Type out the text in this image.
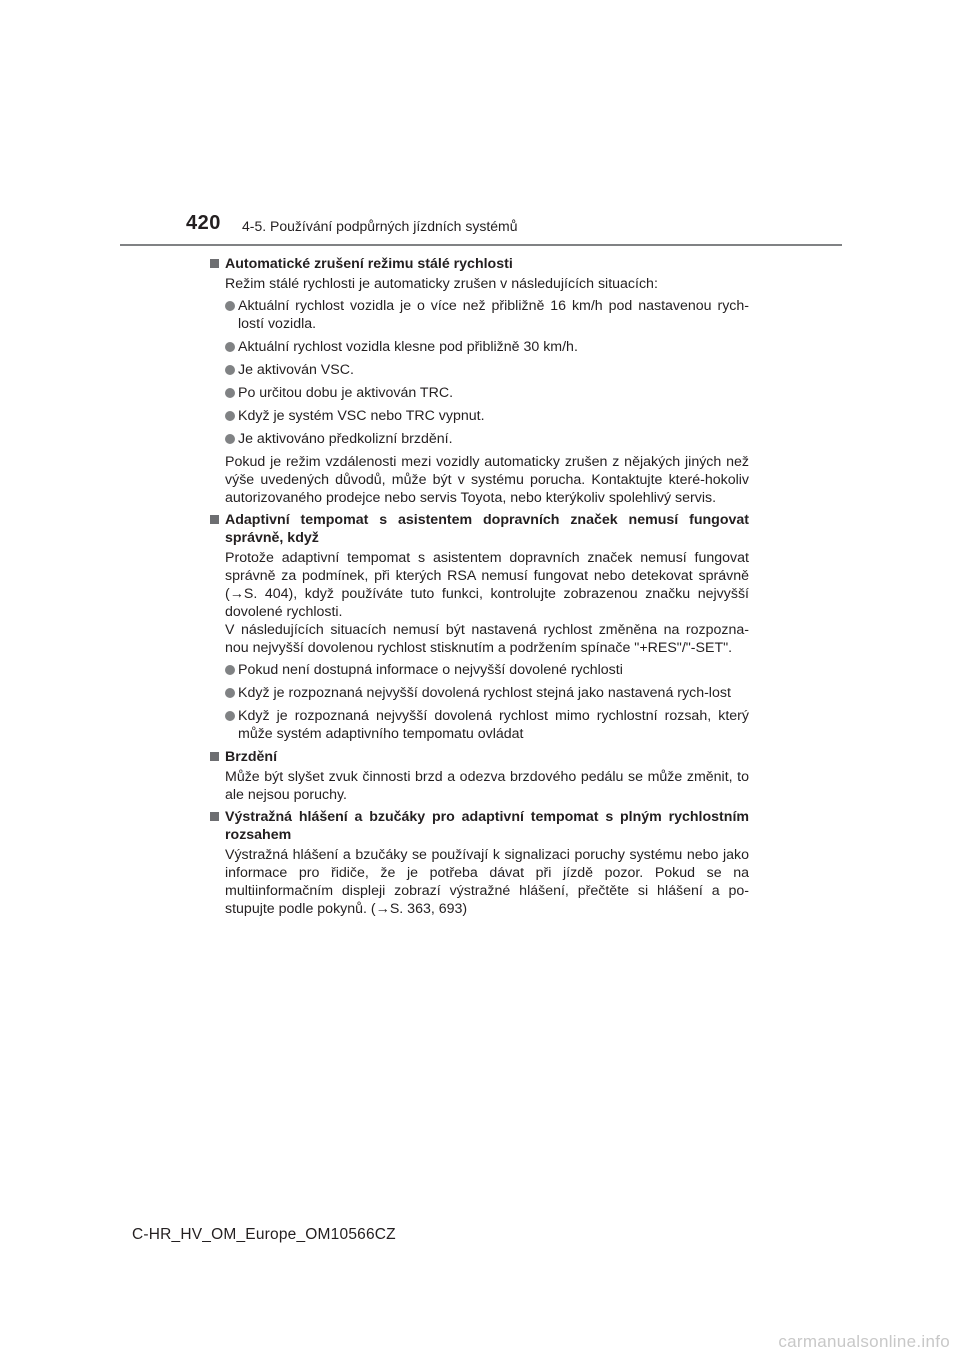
420 4-5. Používání podpůrných jízdních systémů
Automatické zrušení režimu stálé rychlosti
Režim stálé rychlosti je automaticky zrušen v následujících situacích:
Aktuální rychlost vozidla je o více než přibližně 16 km/h pod nastavenou rych-lostí vozidla.
Aktuální rychlost vozidla klesne pod přibližně 30 km/h.
Je aktivován VSC.
Po určitou dobu je aktivován TRC.
Když je systém VSC nebo TRC vypnut.
Je aktivováno předkolizní brzdění.
Pokud je režim vzdálenosti mezi vozidly automaticky zrušen z nějakých jiných než výše uvedených důvodů, může být v systému porucha. Kontaktujte které-hokoliv autorizovaného prodejce nebo servis Toyota, nebo kterýkoliv spolehlivý servis.
Adaptivní tempomat s asistentem dopravních značek nemusí fungovat správně, když
Protože adaptivní tempomat s asistentem dopravních značek nemusí fungovat správně za podmínek, při kterých RSA nemusí fungovat nebo detekovat správně (→S. 404), když používáte tuto funkci, kontrolujte zobrazenou značku nejvyšší dovolené rychlosti.
V následujících situacích nemusí být nastavená rychlost změněna na rozpozna-nou nejvyšší dovolenou rychlost stisknutím a podržením spínače "+RES"/"-SET".
Pokud není dostupná informace o nejvyšší dovolené rychlosti
Když je rozpoznaná nejvyšší dovolená rychlost stejná jako nastavená rych-lost
Když je rozpoznaná nejvyšší dovolená rychlost mimo rychlostní rozsah, který může systém adaptivního tempomatu ovládat
Brzdění
Může být slyšet zvuk činnosti brzd a odezva brzdového pedálu se může změnit, to ale nejsou poruchy.
Výstražná hlášení a bzučáky pro adaptivní tempomat s plným rychlostním rozsahem
Výstražná hlášení a bzučáky se používají k signalizaci poruchy systému nebo jako informace pro řidiče, že je potřeba dávat při jízdě pozor. Pokud se na multiinformačním displeji zobrazí výstražné hlášení, přečtěte si hlášení a po-stupujte podle pokynů. (→S. 363, 693)
C-HR_HV_OM_Europe_OM10566CZ
carmanualsonline.info
